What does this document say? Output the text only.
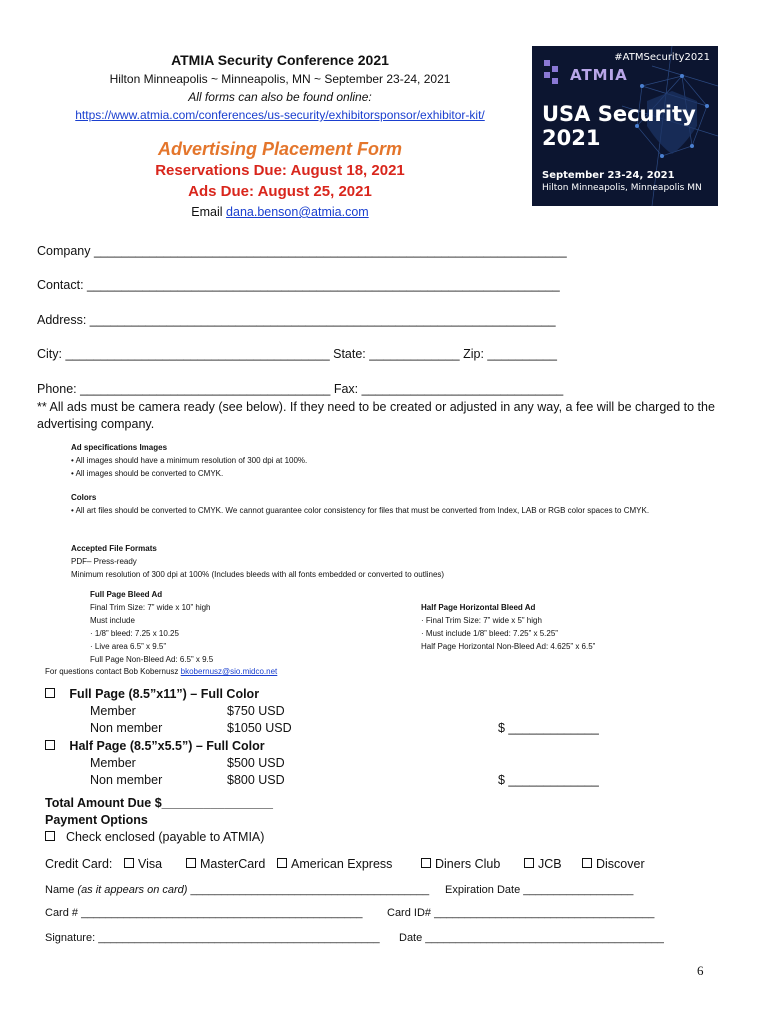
ATMIA Security Conference 2021
Hilton Minneapolis ~ Minneapolis, MN ~ September 23-24, 2021
All forms can also be found online:
https://www.atmia.com/conferences/us-security/exhibitorsponsor/exhibitor-kit/
Advertising Placement Form
Reservations Due: August 18, 2021
Ads Due: August 25, 2021
Email dana.benson@atmia.com
#ATMSecurity2021
ATMIA
USA Security
2021
September 23-24, 2021
Hilton Minneapolis, Minneapolis MN
Company ____________________________________________________________________
Contact: ____________________________________________________________________
Address: ___________________________________________________________________
City: ______________________________________ State: _____________ Zip: __________
Phone: ____________________________________ Fax: _____________________________
** All ads must be camera ready (see below). If they need to be created or adjusted in any way, a fee will be charged to the advertising company.
Ad specifications Images
• All images should have a minimum resolution of 300 dpi at 100%.
• All images should be converted to CMYK.
Colors
• All art files should be converted to CMYK. We cannot guarantee color consistency for files that must be converted from Index, LAB or RGB color spaces to CMYK.
Accepted File Formats
PDF– Press-ready
Minimum resolution of 300 dpi at 100% (Includes bleeds with all fonts embedded or converted to outlines)
Full Page Bleed Ad
Final Trim Size: 7” wide x 10” high
Must include
· 1/8” bleed: 7.25 x 10.25
· Live area 6.5” x 9.5”
Full Page Non-Bleed Ad: 6.5” x 9.5
Half Page Horizontal Bleed Ad
· Final Trim Size: 7” wide x 5” high
· Must include 1/8” bleed: 7.25” x 5.25”
Half Page Horizontal Non-Bleed Ad: 4.625” x 6.5”
For questions contact Bob Kobernusz bkobernusz@sio.midco.net
Full Page (8.5”x11”) – Full Color
Member	$750 USD
Non member	$1050 USD	$ _____________
Half Page (8.5”x5.5”) – Full Color
Member	$500 USD
Non member	$800 USD	$ _____________
Total Amount Due $________________
Payment Options
Check enclosed (payable to ATMIA)
Credit Card:	Visa	MasterCard	American Express	Diners Club	JCB	Discover
Name (as it appears on card) _______________________________________ Expiration Date __________________
Card # ______________________________________________ Card ID# ____________________________________
Signature: ______________________________________________ Date _______________________________________
6
